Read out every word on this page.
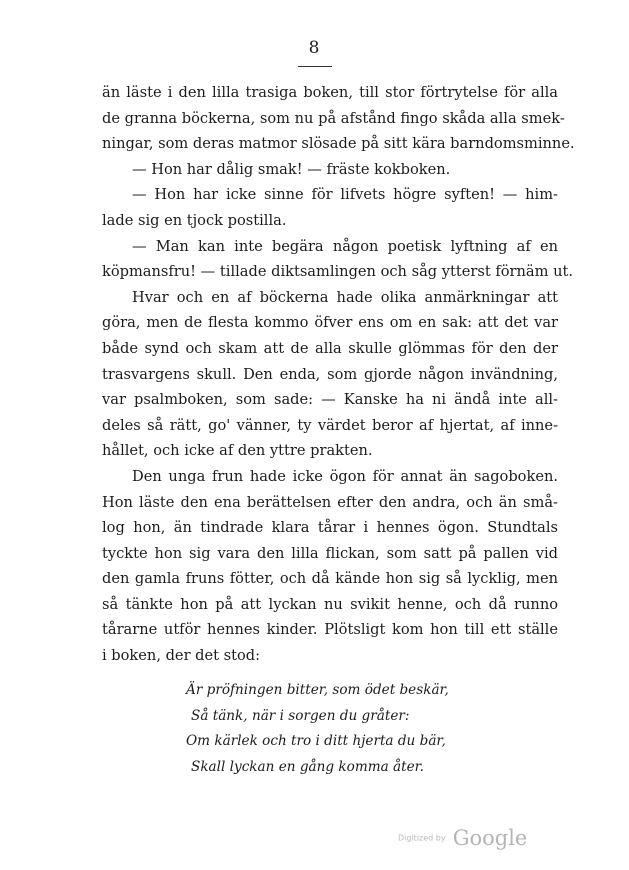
8
än läste i den lilla trasiga boken, till stor förtrytelse för alla
de granna böckerna, som nu på afstånd fingo skåda alla smek-
ningar, som deras matmor slösade på sitt kära barndomsminne.
— Hon har dålig smak! — fräste kokboken.
— Hon har icke sinne för lifvets högre syften! — him-
lade sig en tjock postilla.
— Man kan inte begära någon poetisk lyftning af en
köpmansfru! — tillade diktsamlingen och såg ytterst förnäm ut.
Hvar och en af böckerna hade olika anmärkningar att
göra, men de flesta kommo öfver ens om en sak: att det var
både synd och skam att de alla skulle glömmas för den der
trasvargens skull. Den enda, som gjorde någon invändning,
var psalmboken, som sade: — Kanske ha ni ändå inte all-
deles så rätt, go' vänner, ty värdet beror af hjertat, af inne-
hållet, och icke af den yttre prakten.
Den unga frun hade icke ögon för annat än sagoboken.
Hon läste den ena berättelsen efter den andra, och än små-
log hon, än tindrade klara tårar i hennes ögon. Stundtals
tyckte hon sig vara den lilla flickan, som satt på pallen vid
den gamla fruns fötter, och då kände hon sig så lycklig, men
så tänkte hon på att lyckan nu svikit henne, och då runno
tårarne utför hennes kinder. Plötsligt kom hon till ett ställe
i boken, der det stod:
Är pröfningen bitter, som ödet beskär,
Så tänk, när i sorgen du gråter:
Om kärlek och tro i ditt hjerta du bär,
Skall lyckan en gång komma åter.
Digitized by Google
